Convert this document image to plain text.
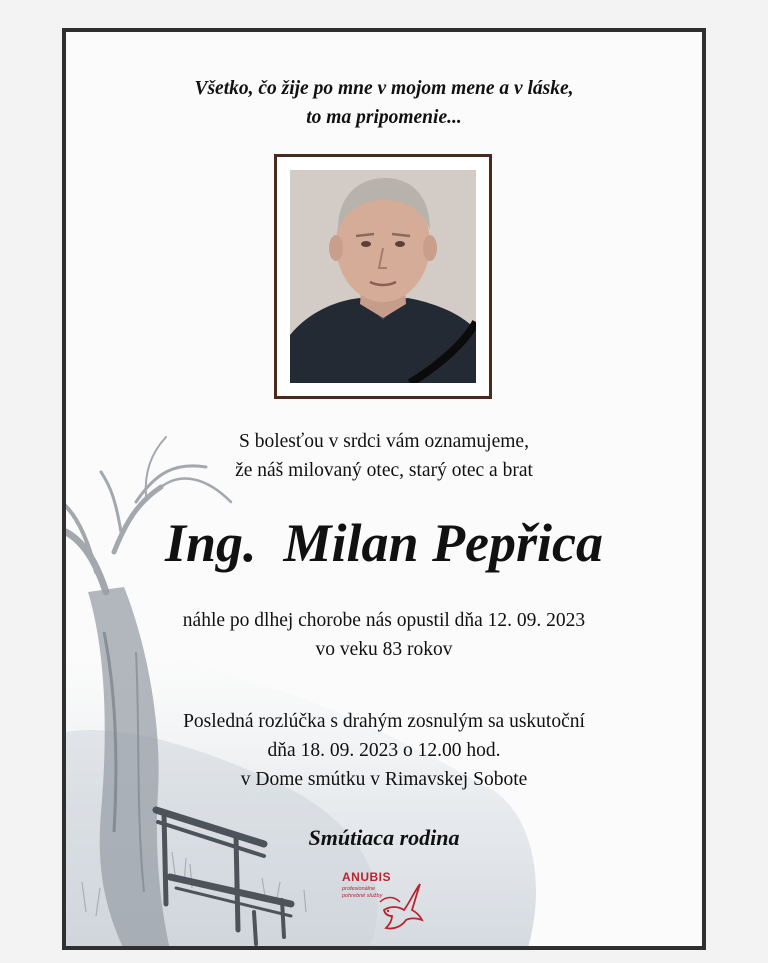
Všetko, čo žije po mne v mojom mene a v láske,
to ma pripomenie...
S bolesťou v srdci vám oznamujeme,
že náš milovaný otec, starý otec a brat
Ing.  Milan Pepřica
náhle po dlhej chorobe nás opustil dňa 12. 09. 2023
vo veku 83 rokov
Posledná rozlúčka s drahým zosnulým sa uskutoční
dňa 18. 09. 2023 o 12.00 hod.
v Dome smútku v Rimavskej Sobote
Smútiaca rodina
ANUBIS
profesionálne pohrebné služby
